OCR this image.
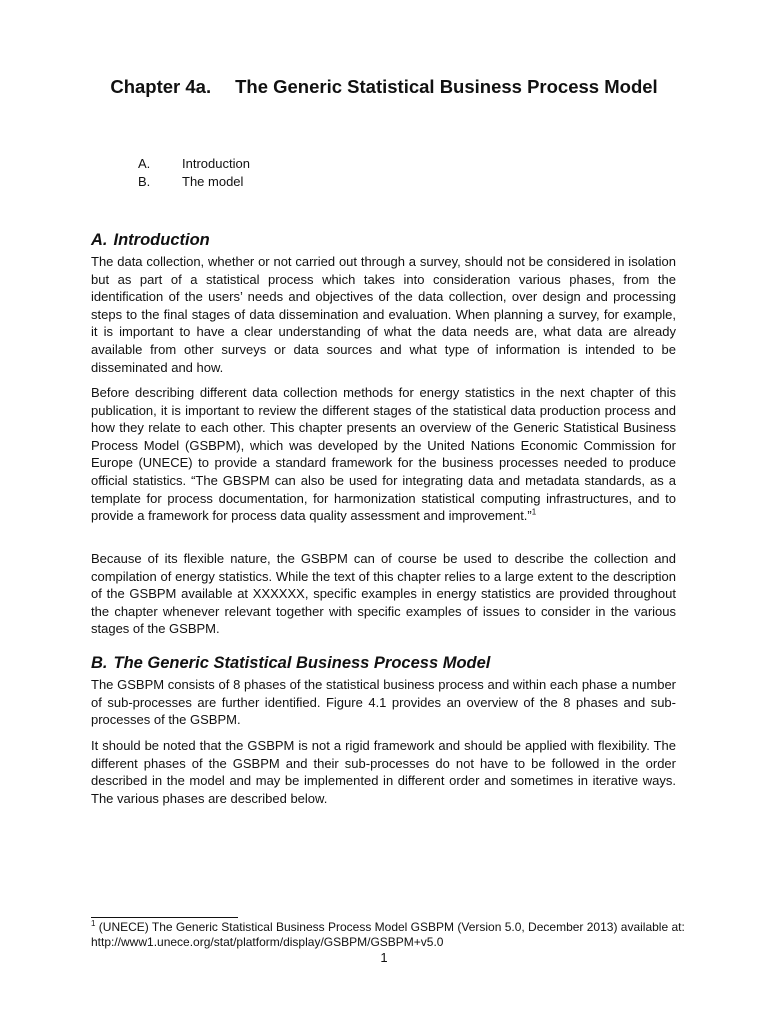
Chapter 4a. The Generic Statistical Business Process Model
A.	Introduction
B.	The model
A. Introduction

The data collection, whether or not carried out through a survey, should not be considered in isolation but as part of a statistical process which takes into consideration various phases, from the identification of the users’ needs and objectives of the data collection, over design and processing steps to the final stages of data dissemination and evaluation. When planning a survey, for example, it is important to have a clear understanding of what the data needs are, what data are already available from other surveys or data sources and what type of information is intended to be disseminated and how.

Before describing different data collection methods for energy statistics in the next chapter of this publication, it is important to review the different stages of the statistical data production process and how they relate to each other. This chapter presents an overview of the Generic Statistical Business Process Model (GSBPM), which was developed by the United Nations Economic Commission for Europe (UNECE) to provide a standard framework for the business processes needed to produce official statistics. “The GBSPM can also be used for integrating data and metadata standards, as a template for process documentation, for harmonization statistical computing infrastructures, and to provide a framework for process data quality assessment and improvement.”$^1$

Because of its flexible nature, the GSBPM can of course be used to describe the collection and compilation of energy statistics. While the text of this chapter relies to a large extent to the description of the GSBPM available at XXXXXX, specific examples in energy statistics are provided throughout the chapter whenever relevant together with specific examples of issues to consider in the various stages of the GSBPM.

B. The Generic Statistical Business Process Model

The GSBPM consists of 8 phases of the statistical business process and within each phase a number of sub-processes are further identified. Figure 4.1 provides an overview of the 8 phases and sub-processes of the GSBPM.

It should be noted that the GSBPM is not a rigid framework and should be applied with flexibility. The different phases of the GSBPM and their sub-processes do not have to be followed in the order described in the model and may be implemented in different order and sometimes in iterative ways. The various phases are described below.

$^1$ (UNECE) The Generic Statistical Business Process Model GSBPM (Version 5.0, December 2013) available at: http://www1.unece.org/stat/platform/display/GSBPM/GSBPM+v5.0
1
